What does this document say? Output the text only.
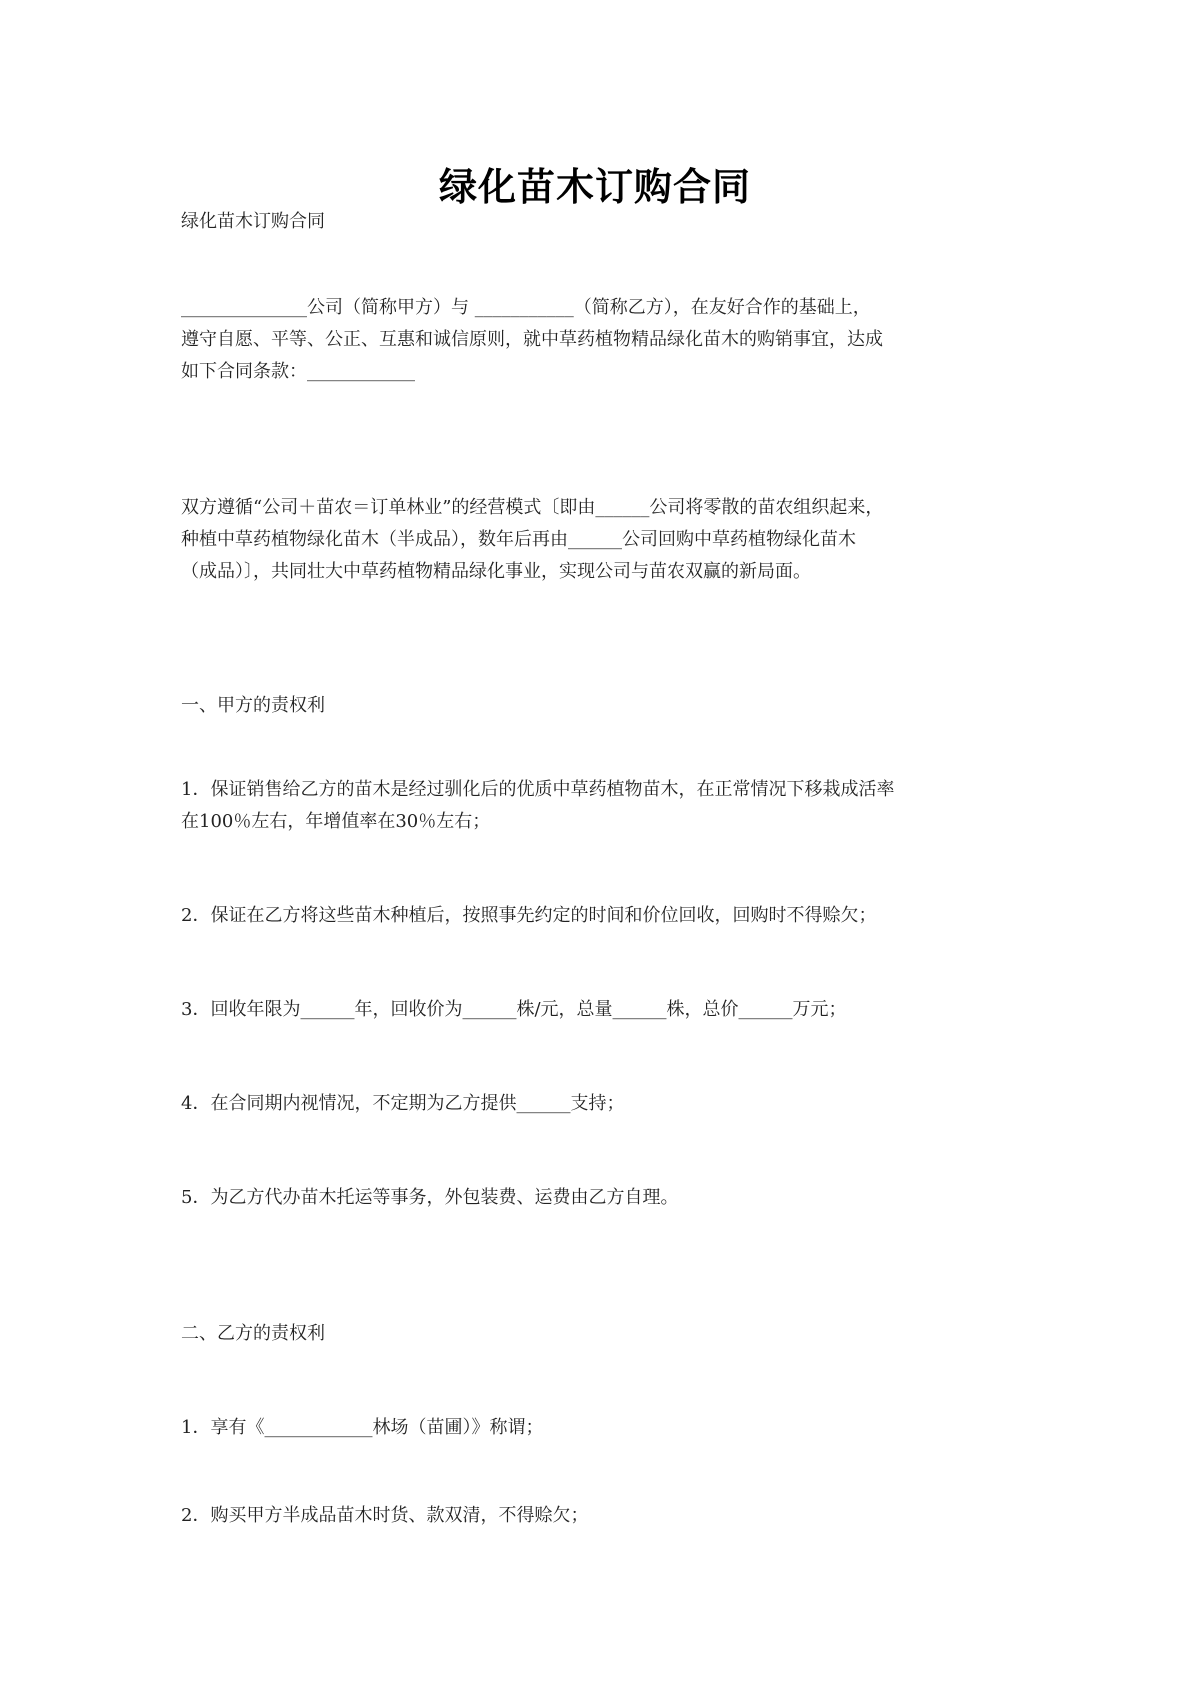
绿化苗木订购合同
绿化苗木订购合同
______________公司（简称甲方）与 ___________（简称乙方），在友好合作的基础上，
遵守自愿、平等、公正、互惠和诚信原则，就中草药植物精品绿化苗木的购销事宜，达成
如下合同条款：____________
双方遵循“公司＋苗农＝订单林业”的经营模式〔即由______公司将零散的苗农组织起来，
种植中草药植物绿化苗木（半成品），数年后再由______公司回购中草药植物绿化苗木
（成品）〕，共同壮大中草药植物精品绿化事业，实现公司与苗农双赢的新局面。
一、甲方的责权利
1．保证销售给乙方的苗木是经过驯化后的优质中草药植物苗木，在正常情况下移栽成活率
在100％左右，年增值率在30％左右；
2．保证在乙方将这些苗木种植后，按照事先约定的时间和价位回收，回购时不得赊欠；
3．回收年限为______年，回收价为______株/元，总量______株，总价______万元；
4．在合同期内视情况，不定期为乙方提供______支持；
5．为乙方代办苗木托运等事务，外包装费、运费由乙方自理。
二、乙方的责权利
1．享有《____________林场（苗圃）》称谓；
2．购买甲方半成品苗木时货、款双清，不得赊欠；
